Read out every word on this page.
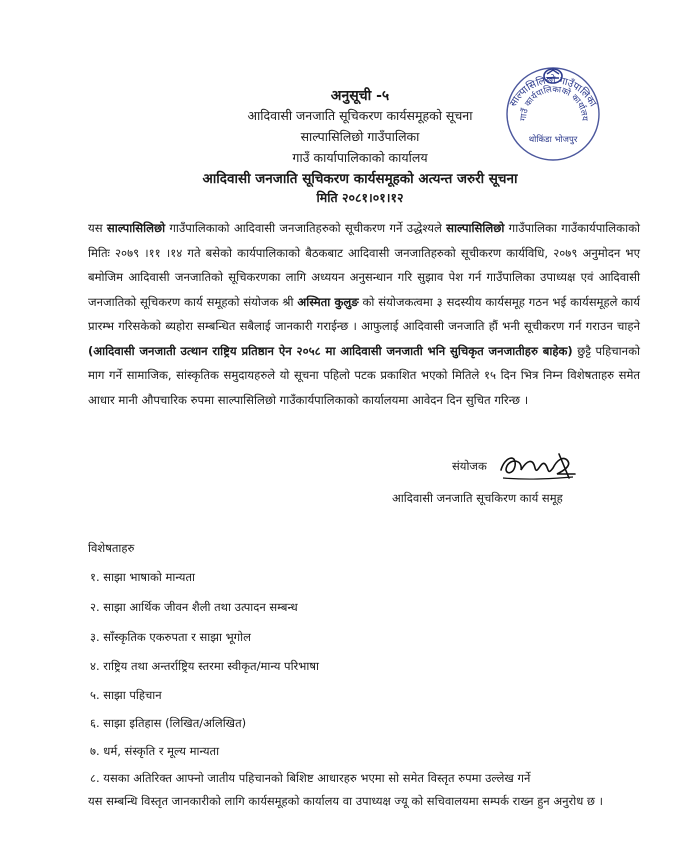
साल्पासिलिछो गाउँपालिका
गाउँ कार्यपालिकाको कार्यालय
थोकिंडा भोजपुर
अनुसूची -५
आदिवासी जनजाति सूचिकरण कार्यसमूहको सूचना
साल्पासिलिछो गाउँपालिका
गाउँ कार्यापालिकाको कार्यालय
आदिवासी जनजाति सूचिकरण कार्यसमूहको अत्यन्त जरुरी सूचना
मिति २०८१।०१।१२
यस साल्पासिलिछो गाउँपालिकाको आदिवासी जनजातिहरुको सूचीकरण गर्ने उद्धेश्यले साल्पासिलिछो गाउँपालिका गाउँकार्यपालिकाको मितिः २०७९ ।११ ।१४ गते बसेको कार्यपालिकाको बैठकबाट आदिवासी जनजातिहरुको सूचीकरण कार्यविधि, २०७९ अनुमोदन भए बमोजिम आदिवासी जनजातिको सूचिकरणका लागि अध्ययन अनुसन्धान गरि सुझाव पेश गर्न गाउँपालिका उपाध्यक्ष एवं आदिवासी जनजातिको सूचिकरण कार्य समूहको संयोजक श्री अस्मिता कुलुङ को संयोजकत्वमा ३ सदस्यीय कार्यसमूह गठन भई कार्यसमूहले कार्य प्रारम्भ गरिसकेको ब्यहोरा सम्बन्धित सबैलाई जानकारी गराईन्छ । आफुलाई आदिवासी जनजाति हौं भनी सूचीकरण गर्न गराउन चाहने (आदिवासी जनजाती उत्थान राष्ट्रिय प्रतिष्ठान ऐन २०५८ मा आदिवासी जनजाती भनि सुचिकृत जनजातीहरु बाहेक) छुट्टै पहिचानको माग गर्ने सामाजिक, सांस्कृतिक समुदायहरुले यो सूचना पहिलो पटक प्रकाशित भएको मितिले १५ दिन भित्र निम्न विशेषताहरु समेत आधार मानी औपचारिक रुपमा साल्पासिलिछो गाउँकार्यपालिकाको कार्यालयमा आवेदन दिन सुचित गरिन्छ ।
संयोजक
आदिवासी जनजाति सूचकिरण कार्य समूह
विशेषताहरु
१. साझा भाषाको मान्यता
२. साझा आर्थिक जीवन शैली तथा उत्पादन सम्बन्ध
३. साँस्कृतिक एकरुपता र साझा भूगोल
४. राष्ट्रिय तथा अन्तर्राष्ट्रिय स्तरमा स्वीकृत/मान्य परिभाषा
५. साझा पहिचान
६. साझा इतिहास (लिखित/अलिखित)
७. धर्म, संस्कृति र मूल्य मान्यता
८. यसका अतिरिक्त आफ्नो जातीय पहिचानको बिशिष्ट आधारहरु भएमा सो समेत विस्तृत रुपमा उल्लेख गर्ने
यस सम्बन्धि विस्तृत जानकारीको लागि कार्यसमूहको कार्यालय वा उपाध्यक्ष ज्यू को सचिवालयमा सम्पर्क राख्न हुन अनुरोध छ ।
